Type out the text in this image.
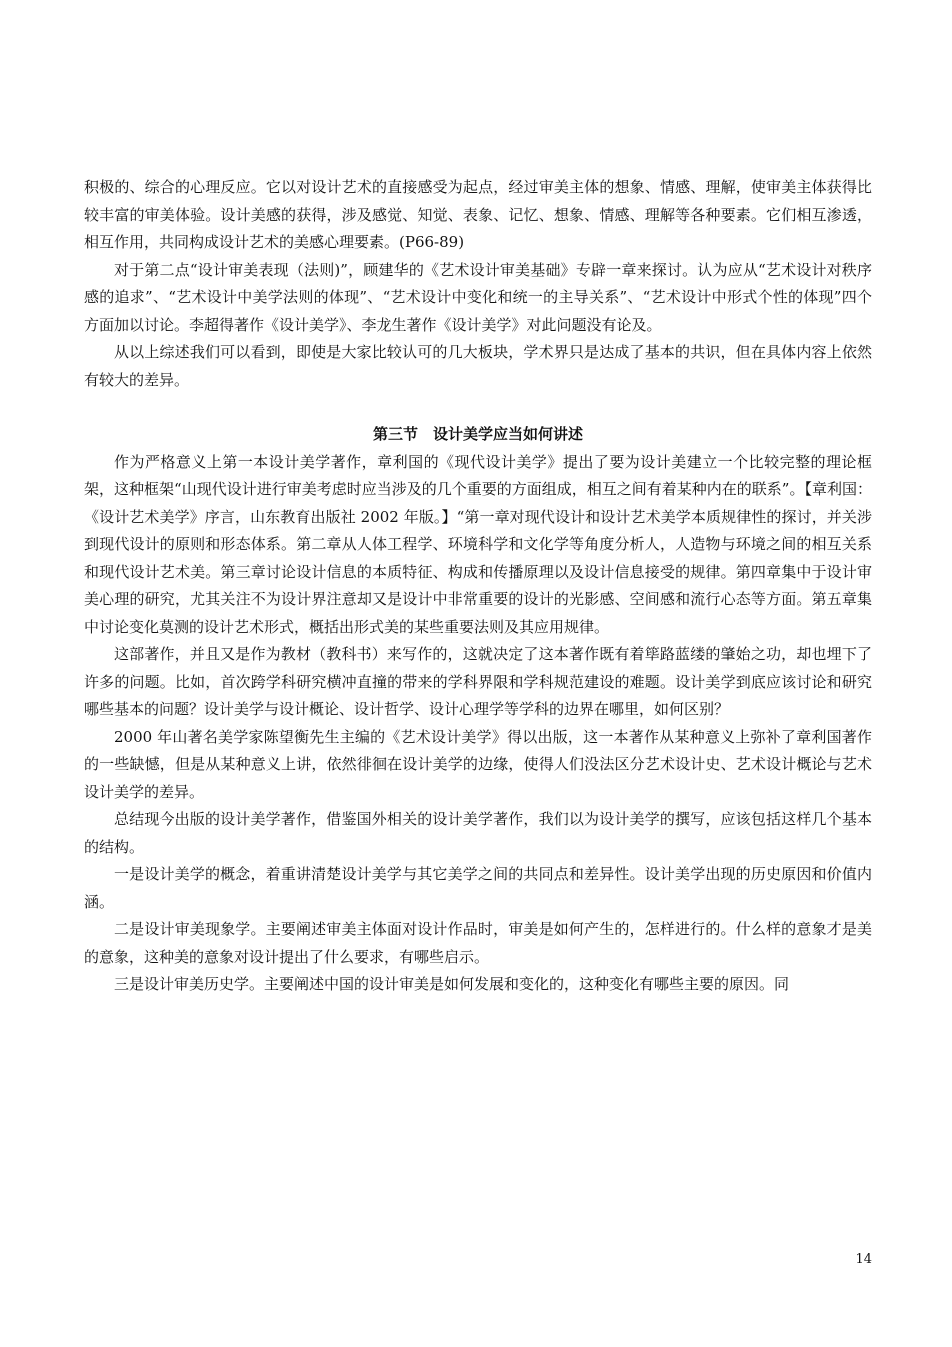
积极的、综合的心理反应。它以对设计艺术的直接感受为起点，经过审美主体的想象、情感、理解，使审美主体获得比较丰富的审美体验。设计美感的获得，涉及感觉、知觉、表象、记忆、想象、情感、理解等各种要素。它们相互渗透，相互作用，共同构成设计艺术的美感心理要素。(P66-89)

对于第二点“设计审美表现（法则)”，顾建华的《艺术设计审美基础》专辟一章来探讨。认为应从“艺术设计对秩序感的追求”、“艺术设计中美学法则的体现”、“艺术设计中变化和统一的主导关系”、“艺术设计中形式个性的体现”四个方面加以讨论。李超得著作《设计美学》、李龙生著作《设计美学》对此问题没有论及。

从以上综述我们可以看到，即使是大家比较认可的几大板块，学术界只是达成了基本的共识，但在具体内容上依然有较大的差异。

第三节　设计美学应当如何讲述

作为严格意义上第一本设计美学著作，章利国的《现代设计美学》提出了要为设计美建立一个比较完整的理论框架，这种框架“山现代设计进行审美考虑时应当涉及的几个重要的方面组成，相互之间有着某种内在的联系”。【章利国：《设计艺术美学》序言，山东教育出版社 2002 年版。】“第一章对现代设计和设计艺术美学本质规律性的探讨，并关涉到现代设计的原则和形态体系。第二章从人体工程学、环境科学和文化学等角度分析人，人造物与环境之间的相互关系和现代设计艺术美。第三章讨论设计信息的本质特征、构成和传播原理以及设计信息接受的规律。第四章集中于设计审美心理的研究，尤其关注不为设计界注意却又是设计中非常重要的设计的光影感、空间感和流行心态等方面。第五章集中讨论变化莫测的设计艺术形式，概括出形式美的某些重要法则及其应用规律。

这部著作，并且又是作为教材（教科书）来写作的，这就决定了这本著作既有着筚路蓝缕的肇始之功，却也埋下了许多的问题。比如，首次跨学科研究横冲直撞的带来的学科界限和学科规范建设的难题。设计美学到底应该讨论和研究哪些基本的问题？设计美学与设计概论、设计哲学、设计心理学等学科的边界在哪里，如何区别？

2000 年山著名美学家陈望衡先生主编的《艺术设计美学》得以出版，这一本著作从某种意义上弥补了章利国著作的一些缺憾，但是从某种意义上讲，依然徘徊在设计美学的边缘，使得人们没法区分艺术设计史、艺术设计概论与艺术设计美学的差异。

总结现今出版的设计美学著作，借鉴国外相关的设计美学著作，我们以为设计美学的撰写，应该包括这样几个基本的结构。

一是设计美学的概念，着重讲清楚设计美学与其它美学之间的共同点和差异性。设计美学出现的历史原因和价值内涵。

二是设计审美现象学。主要阐述审美主体面对设计作品时，审美是如何产生的，怎样进行的。什么样的意象才是美的意象，这种美的意象对设计提出了什么要求，有哪些启示。

三是设计审美历史学。主要阐述中国的设计审美是如何发展和变化的，这种变化有哪些主要的原因。同

14
